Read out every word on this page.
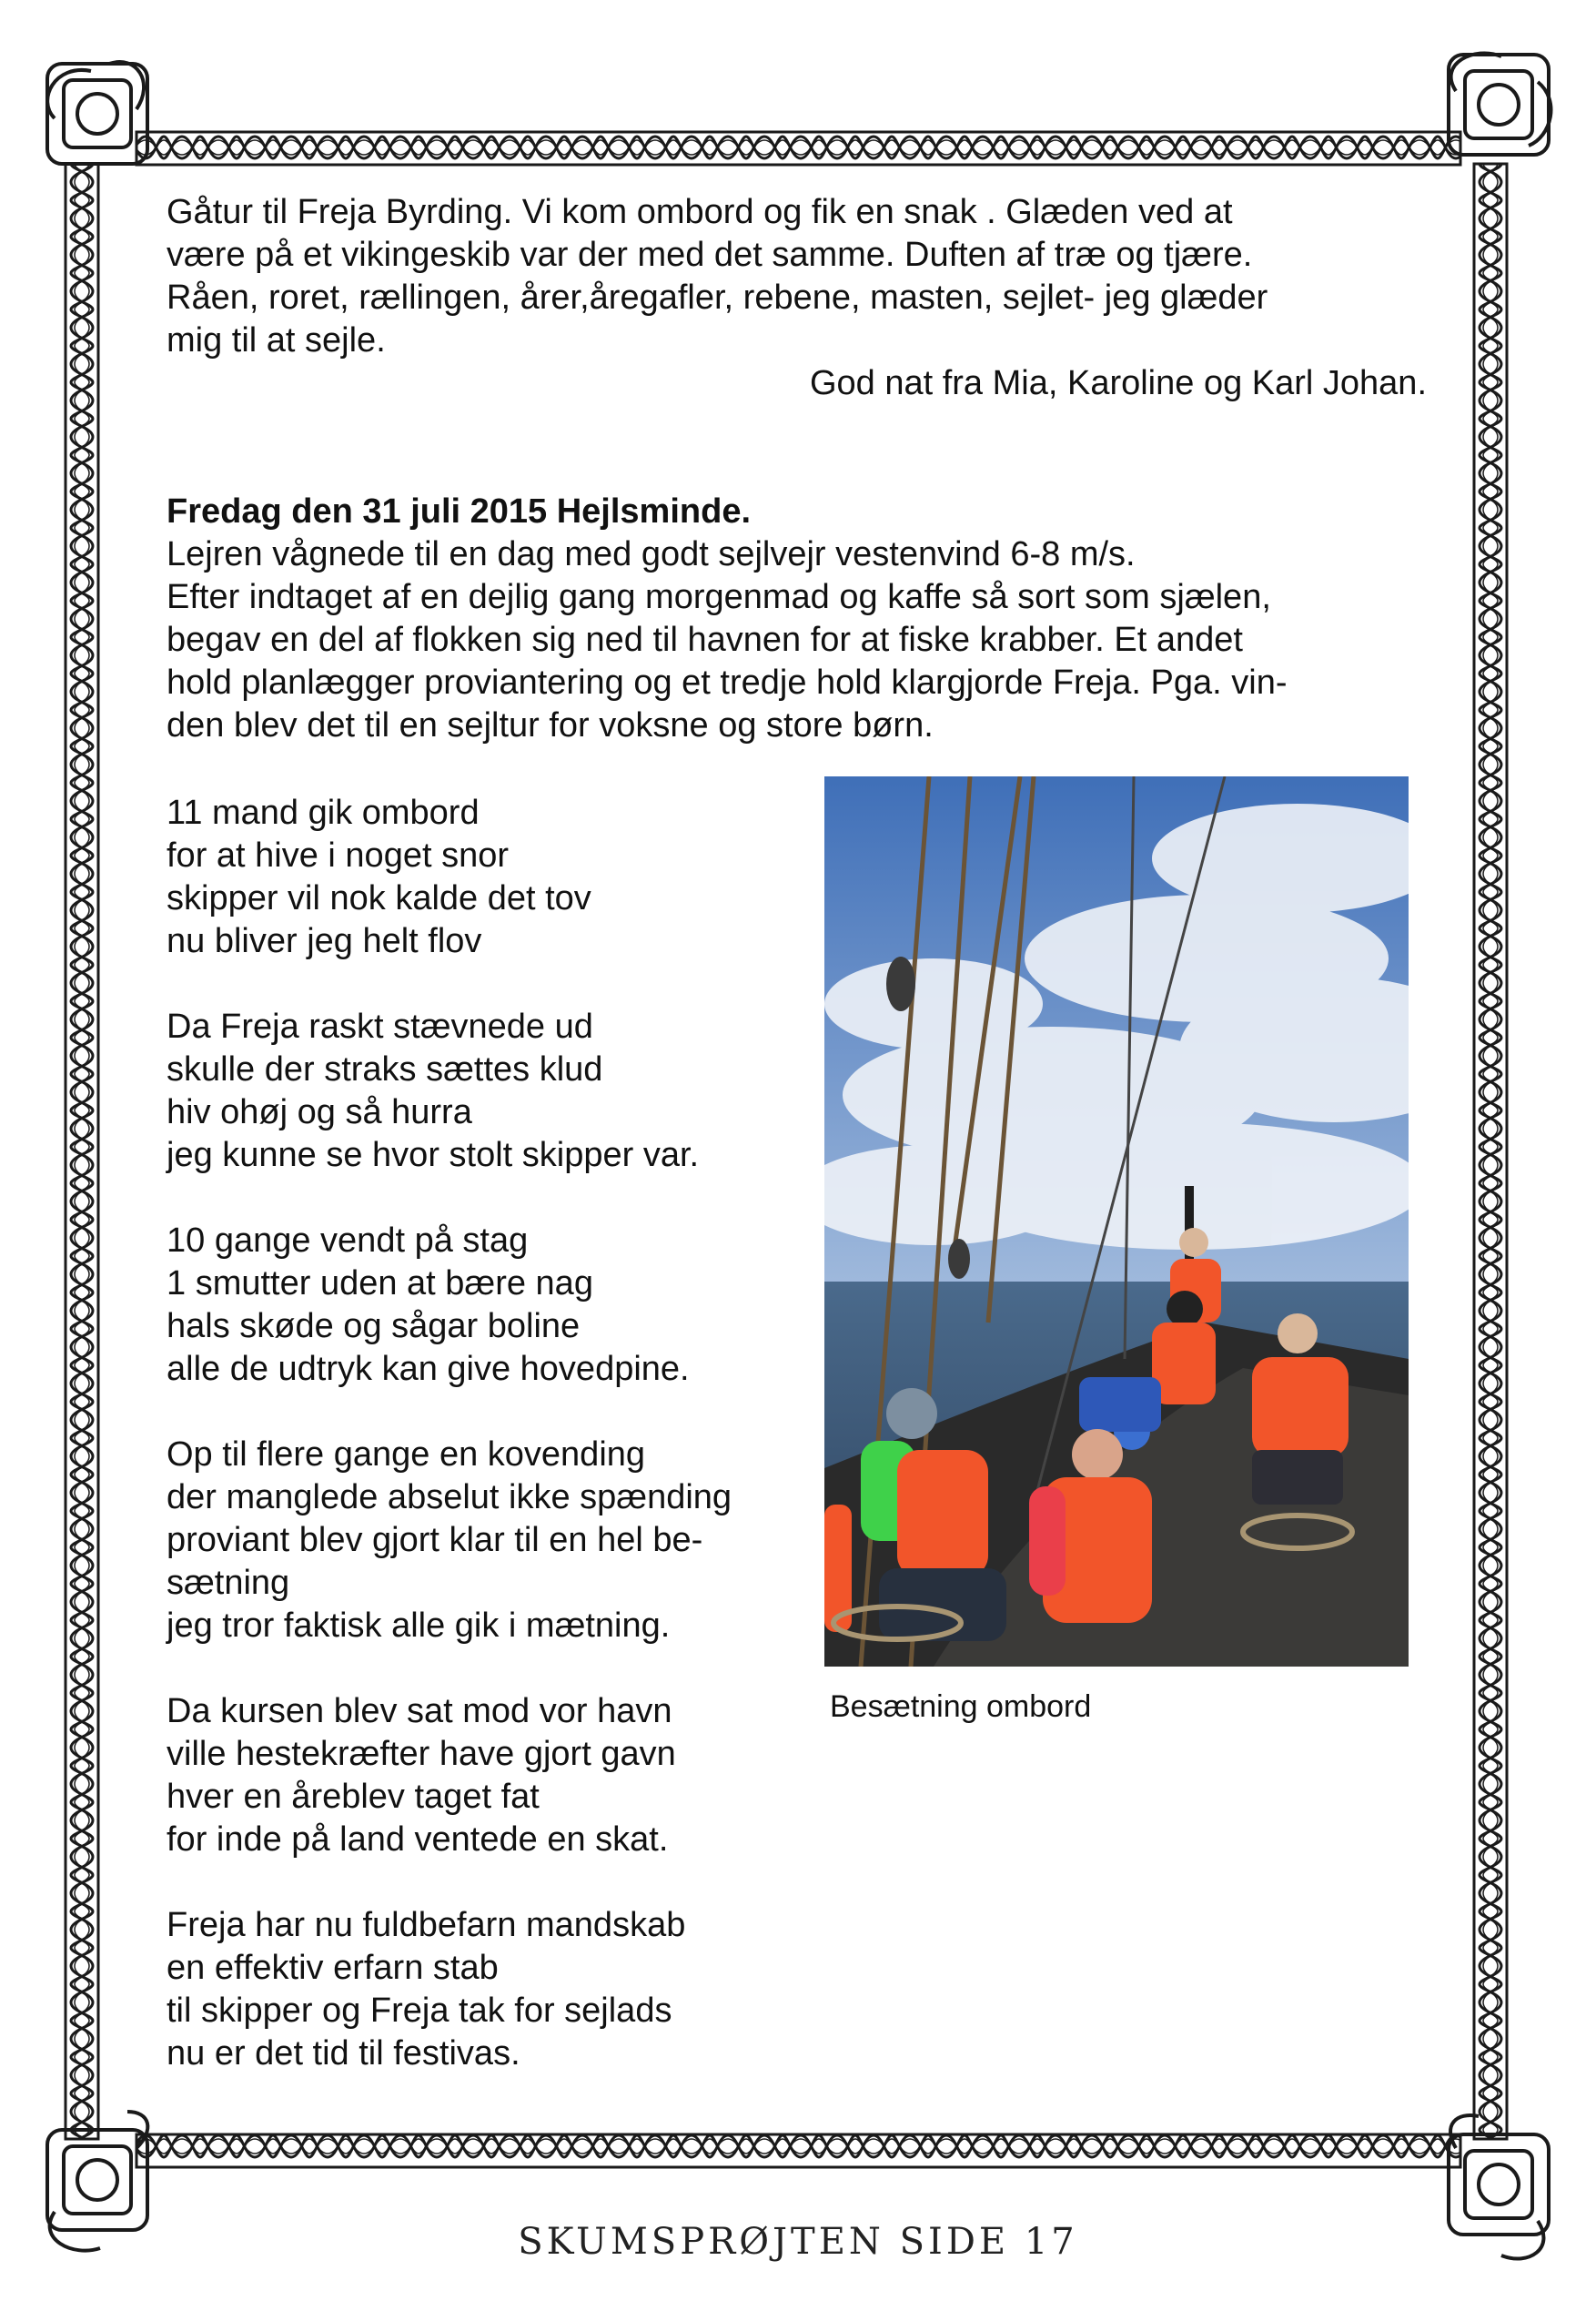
Gåtur til Freja Byrding. Vi kom ombord og fik en snak . Glæden ved at

være på et vikingeskib var der med det samme. Duften af træ og tjære.

Råen, roret, rællingen, årer,åregafler, rebene, masten, sejlet- jeg glæder

mig til at sejle.

God nat fra Mia, Karoline og Karl Johan.

Fredag den 31 juli 2015 Hejlsminde.

Lejren vågnede til en dag med godt sejlvejr vestenvind 6-8 m/s.

Efter indtaget af en dejlig gang morgenmad og kaffe så sort som sjælen,

begav en del af flokken sig ned til havnen for at fiske krabber. Et andet

hold planlægger proviantering og et tredje hold klargjorde Freja. Pga. vin-

den blev det til en sejltur for voksne og store børn.

11 mand gik ombord
for at hive i noget snor
skipper vil nok kalde det tov
nu bliver jeg helt flov
Da Freja raskt stævnede ud
skulle der straks sættes klud
hiv ohøj og så hurra
jeg kunne se hvor stolt skipper var.
10 gange vendt på stag
1 smutter uden at bære nag
hals skøde og sågar boline
alle de udtryk kan give hovedpine.
Op til flere gange en kovending
der manglede abselut ikke spænding
proviant blev gjort klar til en hel be-
sætning
jeg tror faktisk alle gik i mætning.
Da kursen blev sat mod vor havn
ville hestekræfter have gjort gavn
hver en åreblev taget fat
for inde på land ventede en skat.
Freja har nu fuldbefarn mandskab
en effektiv erfarn stab
til skipper og Freja tak for sejlads
nu er det tid til festivas.

Besætning ombord

SKUMSPRØJTEN SIDE 17
